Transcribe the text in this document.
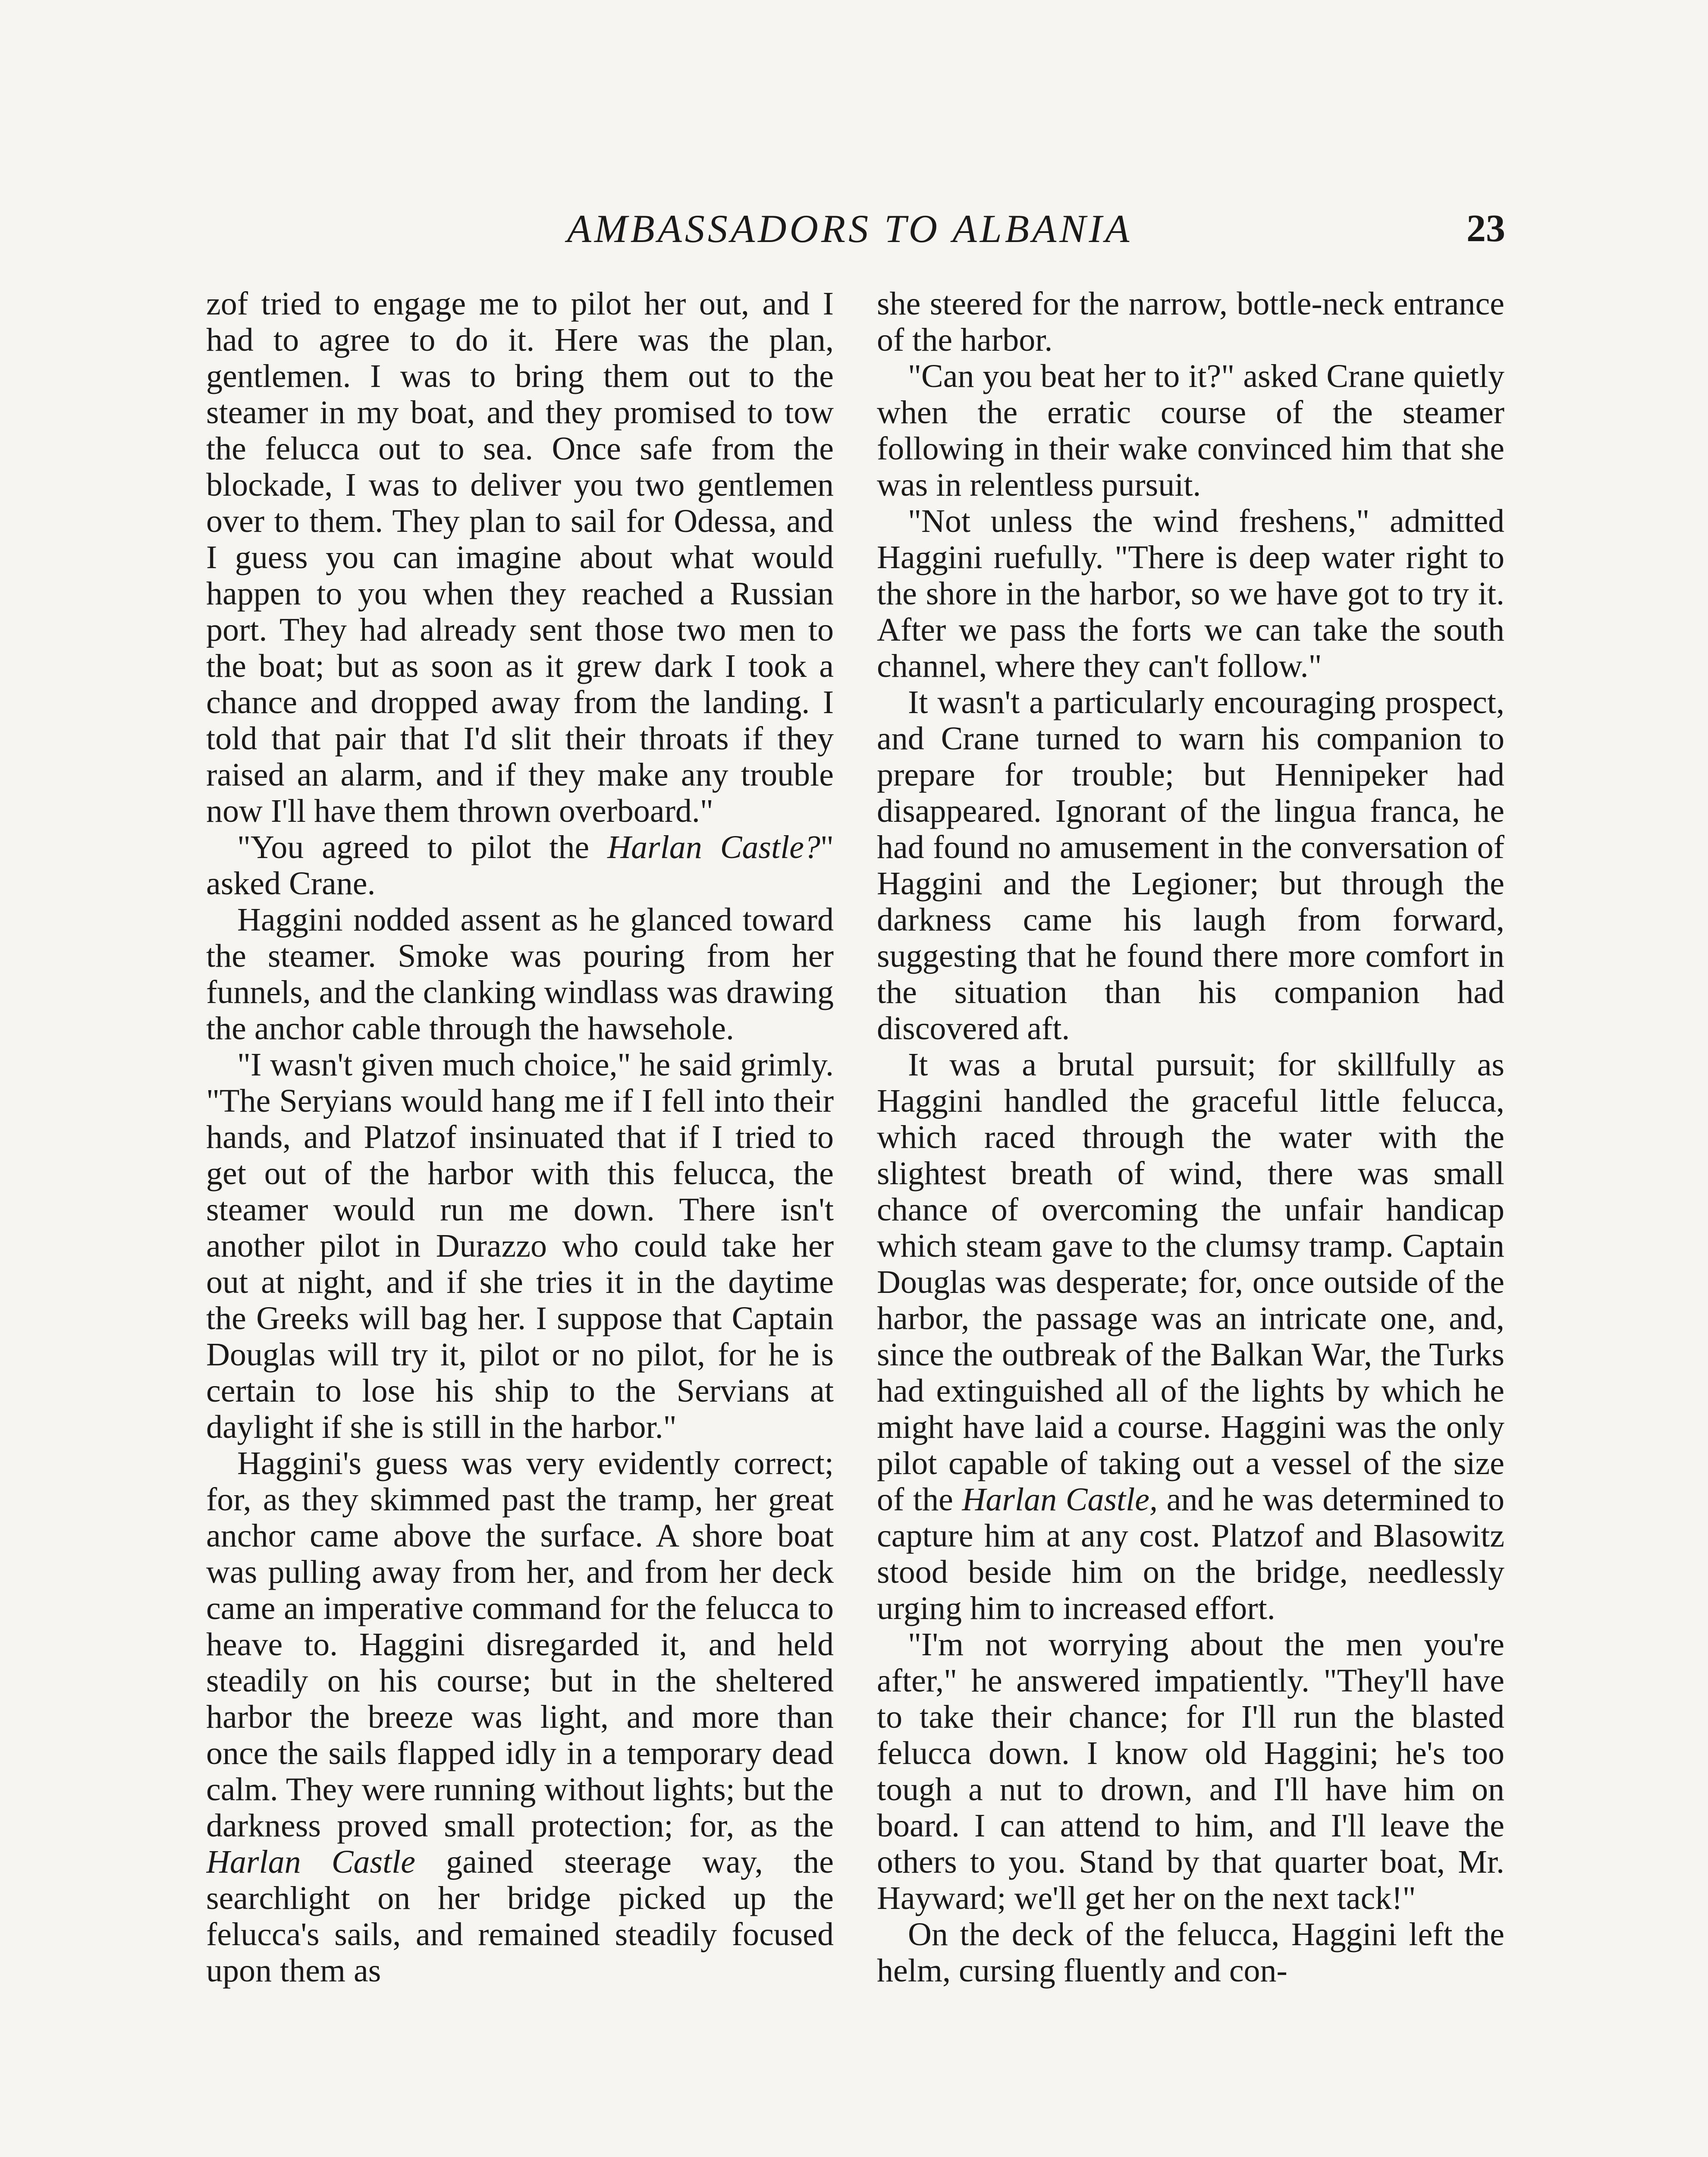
AMBASSADORS TO ALBANIA	23

zof tried to engage me to pilot her out, and I had to agree to do it. Here was the plan, gentlemen. I was to bring them out to the steamer in my boat, and they promised to tow the felucca out to sea. Once safe from the blockade, I was to deliver you two gentlemen over to them. They plan to sail for Odessa, and I guess you can imagine about what would happen to you when they reached a Russian port. They had already sent those two men to the boat; but as soon as it grew dark I took a chance and dropped away from the landing. I told that pair that I'd slit their throats if they raised an alarm, and if they make any trouble now I'll have them thrown overboard."

"You agreed to pilot the Harlan Castle?" asked Crane.

Haggini nodded assent as he glanced toward the steamer. Smoke was pouring from her funnels, and the clanking windlass was drawing the anchor cable through the hawsehole.

"I wasn't given much choice," he said grimly. "The Seryians would hang me if I fell into their hands, and Platzof insinuated that if I tried to get out of the harbor with this felucca, the steamer would run me down. There isn't another pilot in Durazzo who could take her out at night, and if she tries it in the daytime the Greeks will bag her. I suppose that Captain Douglas will try it, pilot or no pilot, for he is certain to lose his ship to the Servians at daylight if she is still in the harbor."

Haggini's guess was very evidently correct; for, as they skimmed past the tramp, her great anchor came above the surface. A shore boat was pulling away from her, and from her deck came an imperative command for the felucca to heave to. Haggini disregarded it, and held steadily on his course; but in the sheltered harbor the breeze was light, and more than once the sails flapped idly in a temporary dead calm. They were running without lights; but the darkness proved small protection; for, as the Harlan Castle gained steerage way, the searchlight on her bridge picked up the felucca's sails, and remained steadily focused upon them as

she steered for the narrow, bottle-neck entrance of the harbor.

"Can you beat her to it?" asked Crane quietly when the erratic course of the steamer following in their wake convinced him that she was in relentless pursuit.

"Not unless the wind freshens," admitted Haggini ruefully. "There is deep water right to the shore in the harbor, so we have got to try it. After we pass the forts we can take the south channel, where they can't follow."

It wasn't a particularly encouraging prospect, and Crane turned to warn his companion to prepare for trouble; but Hennipeker had disappeared. Ignorant of the lingua franca, he had found no amusement in the conversation of Haggini and the Legioner; but through the darkness came his laugh from forward, suggesting that he found there more comfort in the situation than his companion had discovered aft.

It was a brutal pursuit; for skillfully as Haggini handled the graceful little felucca, which raced through the water with the slightest breath of wind, there was small chance of overcoming the unfair handicap which steam gave to the clumsy tramp. Captain Douglas was desperate; for, once outside of the harbor, the passage was an intricate one, and, since the outbreak of the Balkan War, the Turks had extinguished all of the lights by which he might have laid a course. Haggini was the only pilot capable of taking out a vessel of the size of the Harlan Castle, and he was determined to capture him at any cost. Platzof and Blasowitz stood beside him on the bridge, needlessly urging him to increased effort.

"I'm not worrying about the men you're after," he answered impatiently. "They'll have to take their chance; for I'll run the blasted felucca down. I know old Haggini; he's too tough a nut to drown, and I'll have him on board. I can attend to him, and I'll leave the others to you. Stand by that quarter boat, Mr. Hayward; we'll get her on the next tack!"

On the deck of the felucca, Haggini left the helm, cursing fluently and con-
